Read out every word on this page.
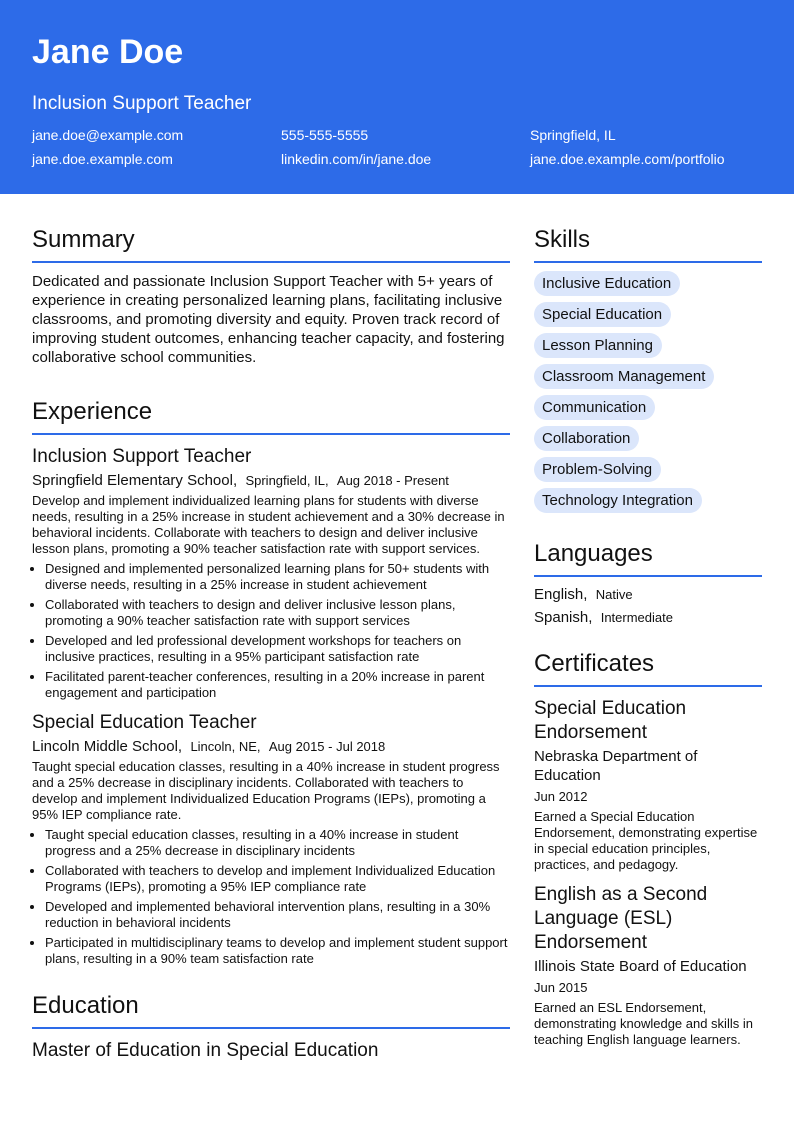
Jane Doe
Inclusion Support Teacher
jane.doe@example.com	555-555-5555	Springfield, IL
jane.doe.example.com	linkedin.com/in/jane.doe	jane.doe.example.com/portfolio
Summary

Dedicated and passionate Inclusion Support Teacher with 5+ years of experience in creating personalized learning plans, facilitating inclusive classrooms, and promoting diversity and equity. Proven track record of improving student outcomes, enhancing teacher capacity, and fostering collaborative school communities.

Experience
Inclusion Support Teacher
Springfield Elementary School, Springfield, IL, Aug 2018 - Present
Develop and implement individualized learning plans for students with diverse needs, resulting in a 25% increase in student achievement and a 30% decrease in behavioral incidents. Collaborate with teachers to design and deliver inclusive lesson plans, promoting a 90% teacher satisfaction rate with support services.
• Designed and implemented personalized learning plans for 50+ students with diverse needs, resulting in a 25% increase in student achievement
• Collaborated with teachers to design and deliver inclusive lesson plans, promoting a 90% teacher satisfaction rate with support services
• Developed and led professional development workshops for teachers on inclusive practices, resulting in a 95% participant satisfaction rate
• Facilitated parent-teacher conferences, resulting in a 20% increase in parent engagement and participation
Special Education Teacher
Lincoln Middle School, Lincoln, NE, Aug 2015 - Jul 2018
Taught special education classes, resulting in a 40% increase in student progress and a 25% decrease in disciplinary incidents. Collaborated with teachers to develop and implement Individualized Education Programs (IEPs), promoting a 95% IEP compliance rate.
• Taught special education classes, resulting in a 40% increase in student progress and a 25% decrease in disciplinary incidents
• Collaborated with teachers to develop and implement Individualized Education Programs (IEPs), promoting a 95% IEP compliance rate
• Developed and implemented behavioral intervention plans, resulting in a 30% reduction in behavioral incidents
• Participated in multidisciplinary teams to develop and implement student support plans, resulting in a 90% team satisfaction rate
Education
Master of Education in Special Education
Skills
Inclusive Education
Special Education
Lesson Planning
Classroom Management
Communication
Collaboration
Problem-Solving
Technology Integration
Languages
English, Native
Spanish, Intermediate
Certificates
Special Education Endorsement
Nebraska Department of Education
Jun 2012
Earned a Special Education Endorsement, demonstrating expertise in special education principles, practices, and pedagogy.
English as a Second Language (ESL) Endorsement
Illinois State Board of Education
Jun 2015
Earned an ESL Endorsement, demonstrating knowledge and skills in teaching English language learners.
